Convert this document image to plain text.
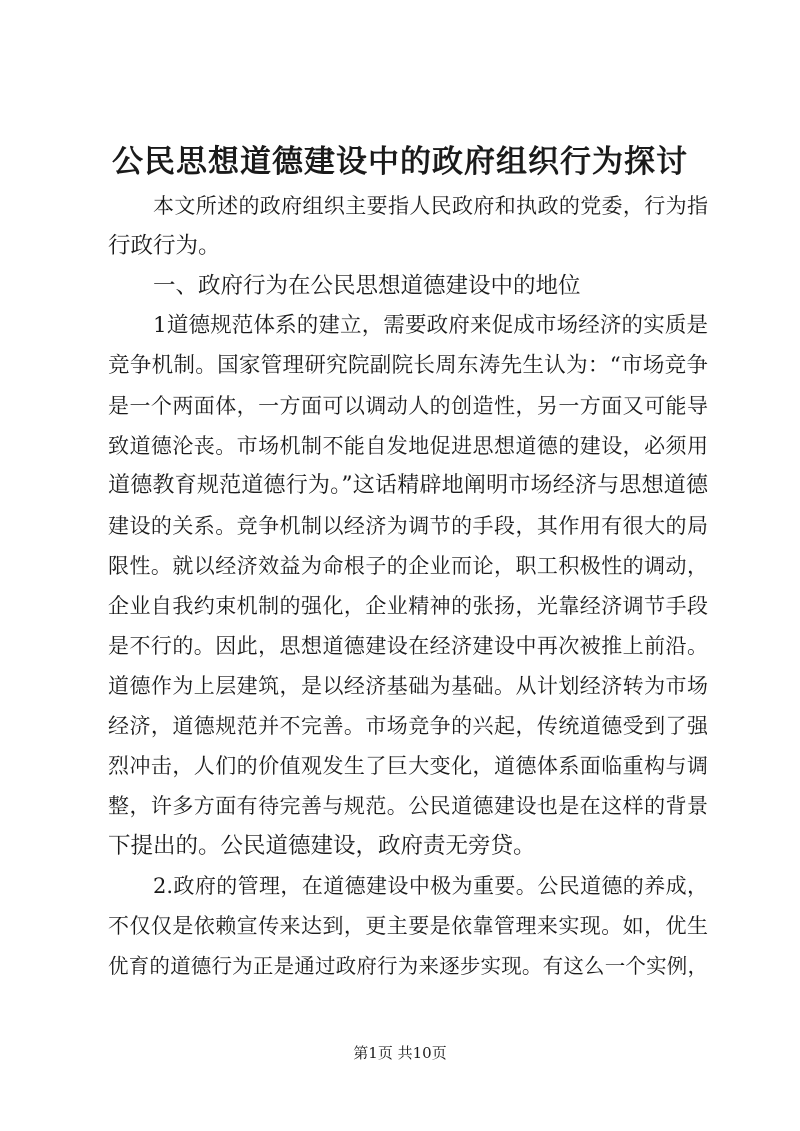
公民思想道德建设中的政府组织行为探讨
本文所述的政府组织主要指人民政府和执政的党委，行为指
行政行为。
一、政府行为在公民思想道德建设中的地位
1道德规范体系的建立，需要政府来促成市场经济的实质是
竞争机制。国家管理研究院副院长周东涛先生认为：“市场竞争
是一个两面体，一方面可以调动人的创造性，另一方面又可能导
致道德沦丧。市场机制不能自发地促进思想道德的建设，必须用
道德教育规范道德行为。”这话精辟地阐明市场经济与思想道德
建设的关系。竞争机制以经济为调节的手段，其作用有很大的局
限性。就以经济效益为命根子的企业而论，职工积极性的调动，
企业自我约束机制的强化，企业精神的张扬，光靠经济调节手段
是不行的。因此，思想道德建设在经济建设中再次被推上前沿。
道德作为上层建筑，是以经济基础为基础。从计划经济转为市场
经济，道德规范并不完善。市场竞争的兴起，传统道德受到了强
烈冲击，人们的价值观发生了巨大变化，道德体系面临重构与调
整，许多方面有待完善与规范。公民道德建设也是在这样的背景
下提出的。公民道德建设，政府责无旁贷。
2.政府的管理，在道德建设中极为重要。公民道德的养成，
不仅仅是依赖宣传来达到，更主要是依靠管理来实现。如，优生
优育的道德行为正是通过政府行为来逐步实现。有这么一个实例，
第1页 共10页
